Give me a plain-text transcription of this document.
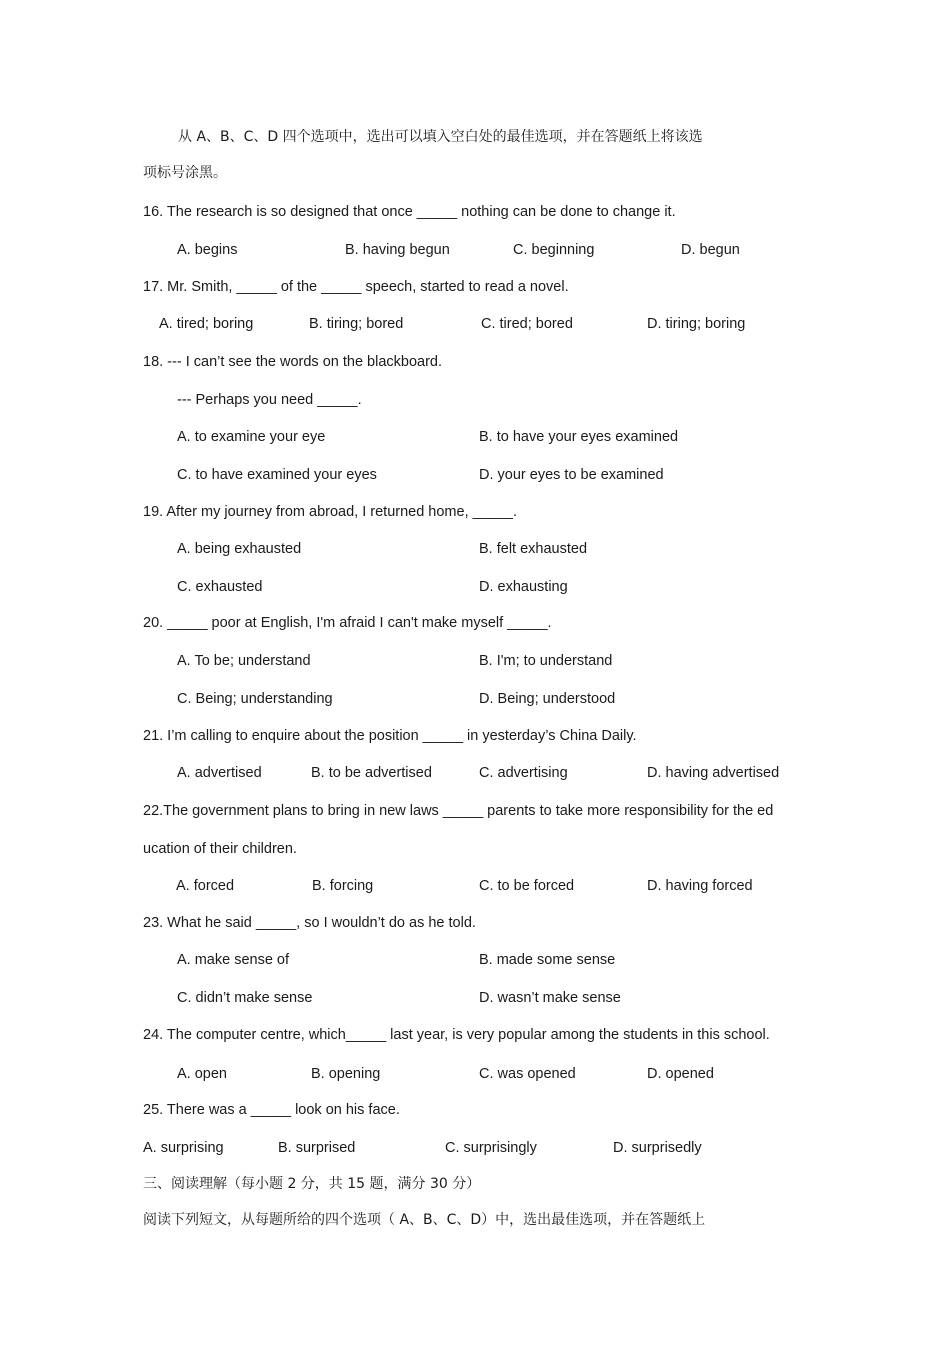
从 A、B、C、D 四个选项中，选出可以填入空白处的最佳选项，并在答题纸上将该选
项标号涂黑。
16. The research is so designed that once _____ nothing can be done to change it.
A. begins	B. having begun	C. beginning	D. begun
17. Mr. Smith, _____ of the _____ speech, started to read a novel.
A. tired; boring	B. tiring; bored	C. tired; bored	D. tiring; boring
18. --- I can’t see the words on the blackboard.
--- Perhaps you need _____.
A. to examine your eye	B. to have your eyes examined
C. to have examined your eyes	D. your eyes to be examined
19. After my journey from abroad, I returned home, _____.
A. being exhausted	B. felt exhausted
C. exhausted	D. exhausting
20. _____ poor at English, I'm afraid I can't make myself _____.
A. To be; understand	B. I'm; to understand
C. Being; understanding	D. Being; understood
21. I’m calling to enquire about the position _____ in yesterday’s China Daily.
A. advertised	B. to be advertised	C. advertising	D. having advertised
22.The government plans to bring in new laws _____ parents to take more responsibility for the ed
ucation of their children.
A. forced	B. forcing	C. to be forced	D. having forced
23. What he said _____, so I wouldn’t do as he told.
A. make sense of	B. made some sense
C. didn’t make sense	D. wasn’t make sense
24. The computer centre, which_____ last year, is very popular among the students in this school.
A. open	B. opening	C. was opened	D. opened
25. There was a _____ look on his face.
A. surprising	B. surprised	C. surprisingly	D. surprisedly
三、阅读理解（每小题 2 分，共 15 题，满分 30 分）
阅读下列短文，从每题所给的四个选项（ A、B、C、D）中，选出最佳选项，并在答题纸上
